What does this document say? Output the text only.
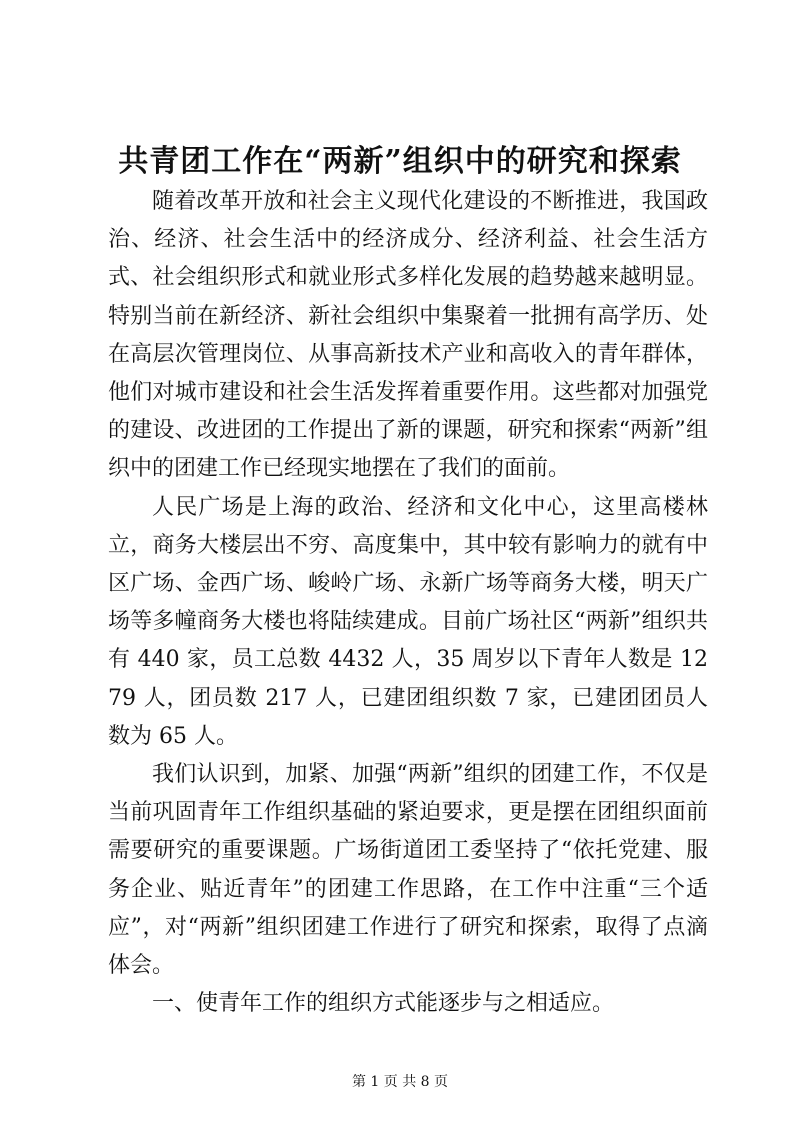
共青团工作在“两新”组织中的研究和探索

随着改革开放和社会主义现代化建设的不断推进，我国政治、经济、社会生活中的经济成分、经济利益、社会生活方式、社会组织形式和就业形式多样化发展的趋势越来越明显。特别当前在新经济、新社会组织中集聚着一批拥有高学历、处在高层次管理岗位、从事高新技术产业和高收入的青年群体，他们对城市建设和社会生活发挥着重要作用。这些都对加强党的建设、改进团的工作提出了新的课题，研究和探索“两新”组织中的团建工作已经现实地摆在了我们的面前。

人民广场是上海的政治、经济和文化中心，这里高楼林立，商务大楼层出不穷、高度集中，其中较有影响力的就有中区广场、金西广场、峻岭广场、永新广场等商务大楼，明天广场等多幢商务大楼也将陆续建成。目前广场社区“两新”组织共有 440 家，员工总数 4432 人，35 周岁以下青年人数是 1279 人，团员数 217 人，已建团组织数 7 家，已建团团员人数为 65 人。

我们认识到，加紧、加强“两新”组织的团建工作，不仅是当前巩固青年工作组织基础的紧迫要求，更是摆在团组织面前需要研究的重要课题。广场街道团工委坚持了“依托党建、服务企业、贴近青年”的团建工作思路，在工作中注重“三个适应”，对“两新”组织团建工作进行了研究和探索，取得了点滴体会。

一、使青年工作的组织方式能逐步与之相适应。

第 1 页 共 8 页
